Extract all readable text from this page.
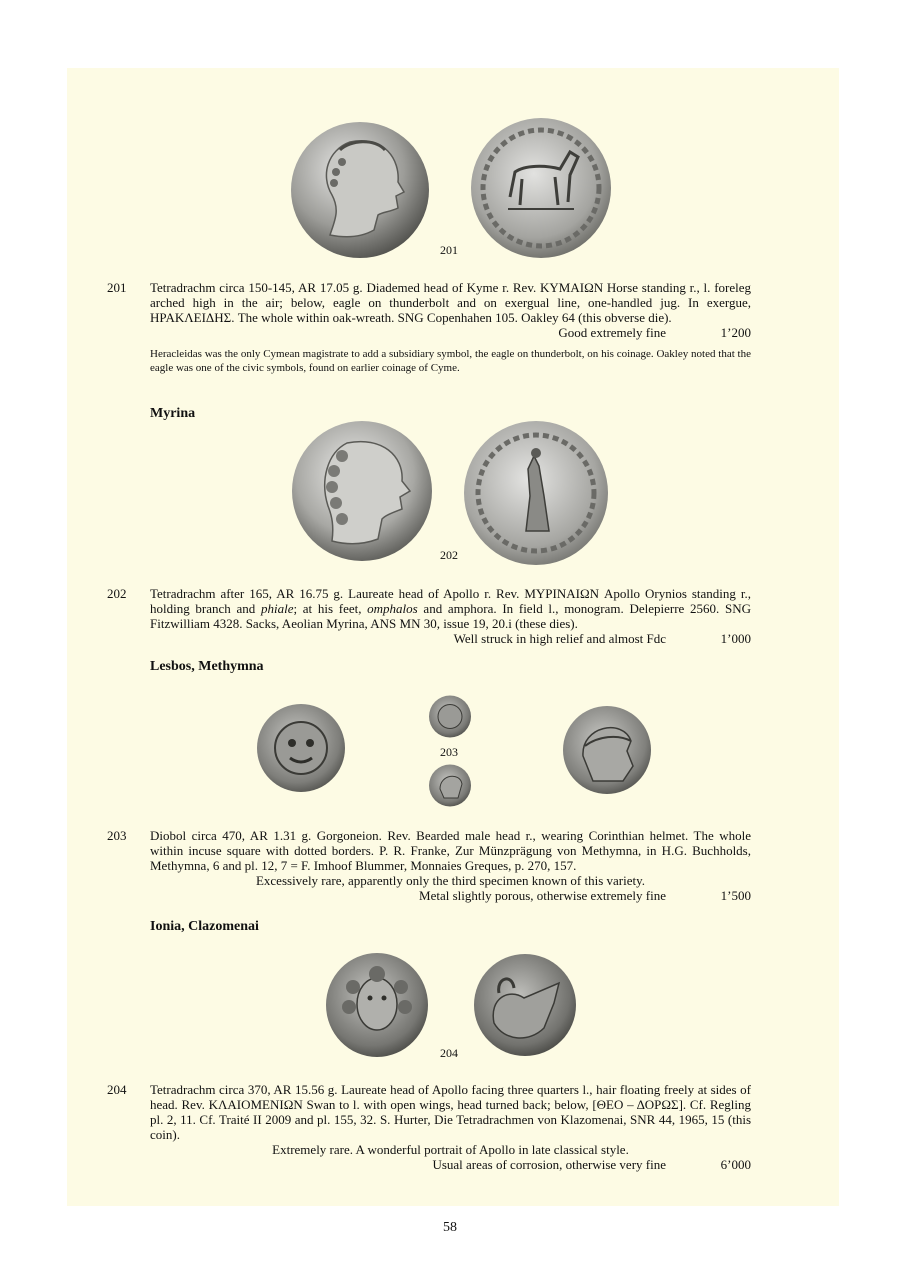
201
201 Tetradrachm circa 150-145, AR 17.05 g. Diademed head of Kyme r. Rev. ΚΥΜΑΙΩΝ Horse standing r., l. foreleg arched high in the air; below, eagle on thunderbolt and on exergual line, one-handled jug. In exergue, ΗΡΑΚΛΕΙΔΗΣ. The whole within oak-wreath. SNG Copenhahen 105. Oakley 64 (this obverse die).
Good extremely fine	1’200
Heracleidas was the only Cymean magistrate to add a subsidiary symbol, the eagle on thunderbolt, on his coinage. Oakley noted that the eagle was one of the civic symbols, found on earlier coinage of Cyme.
Myrina
202
202 Tetradrachm after 165, AR 16.75 g. Laureate head of Apollo r. Rev. ΜΥΡΙΝΑΙΩΝ Apollo Orynios standing r., holding branch and phiale; at his feet, omphalos and amphora. In field l., monogram. Delepierre 2560. SNG Fitzwilliam 4328. Sacks, Aeolian Myrina, ANS MN 30, issue 19, 20.i (these dies).
Well struck in high relief and almost Fdc	1’000
Lesbos, Methymna
203
203 Diobol circa 470, AR 1.31 g. Gorgoneion. Rev. Bearded male head r., wearing Corinthian helmet. The whole within incuse square with dotted borders. P. R. Franke, Zur Münzprägung von Methymna, in H.G. Buchholds, Methymna, 6 and pl. 12, 7 = F. Imhoof Blummer, Monnaies Greques, p. 270, 157.
Excessively rare, apparently only the third specimen known of this variety.
Metal slightly porous, otherwise extremely fine	1’500
Ionia, Clazomenai
204
204 Tetradrachm circa 370, AR 15.56 g. Laureate head of Apollo facing three quarters l., hair floating freely at sides of head. Rev. ΚΛΑΙΟΜΕΝΙΩΝ Swan to l. with open wings, head turned back; below, [ΘΕΟ – ΔΟΡΩΣ]. Cf. Regling pl. 2, 11. Cf. Traité II 2009 and pl. 155, 32. S. Hurter, Die Tetradrachmen von Klazomenai, SNR 44, 1965, 15 (this coin).
Extremely rare. A wonderful portrait of Apollo in late classical style.
Usual areas of corrosion, otherwise very fine	6’000
58
